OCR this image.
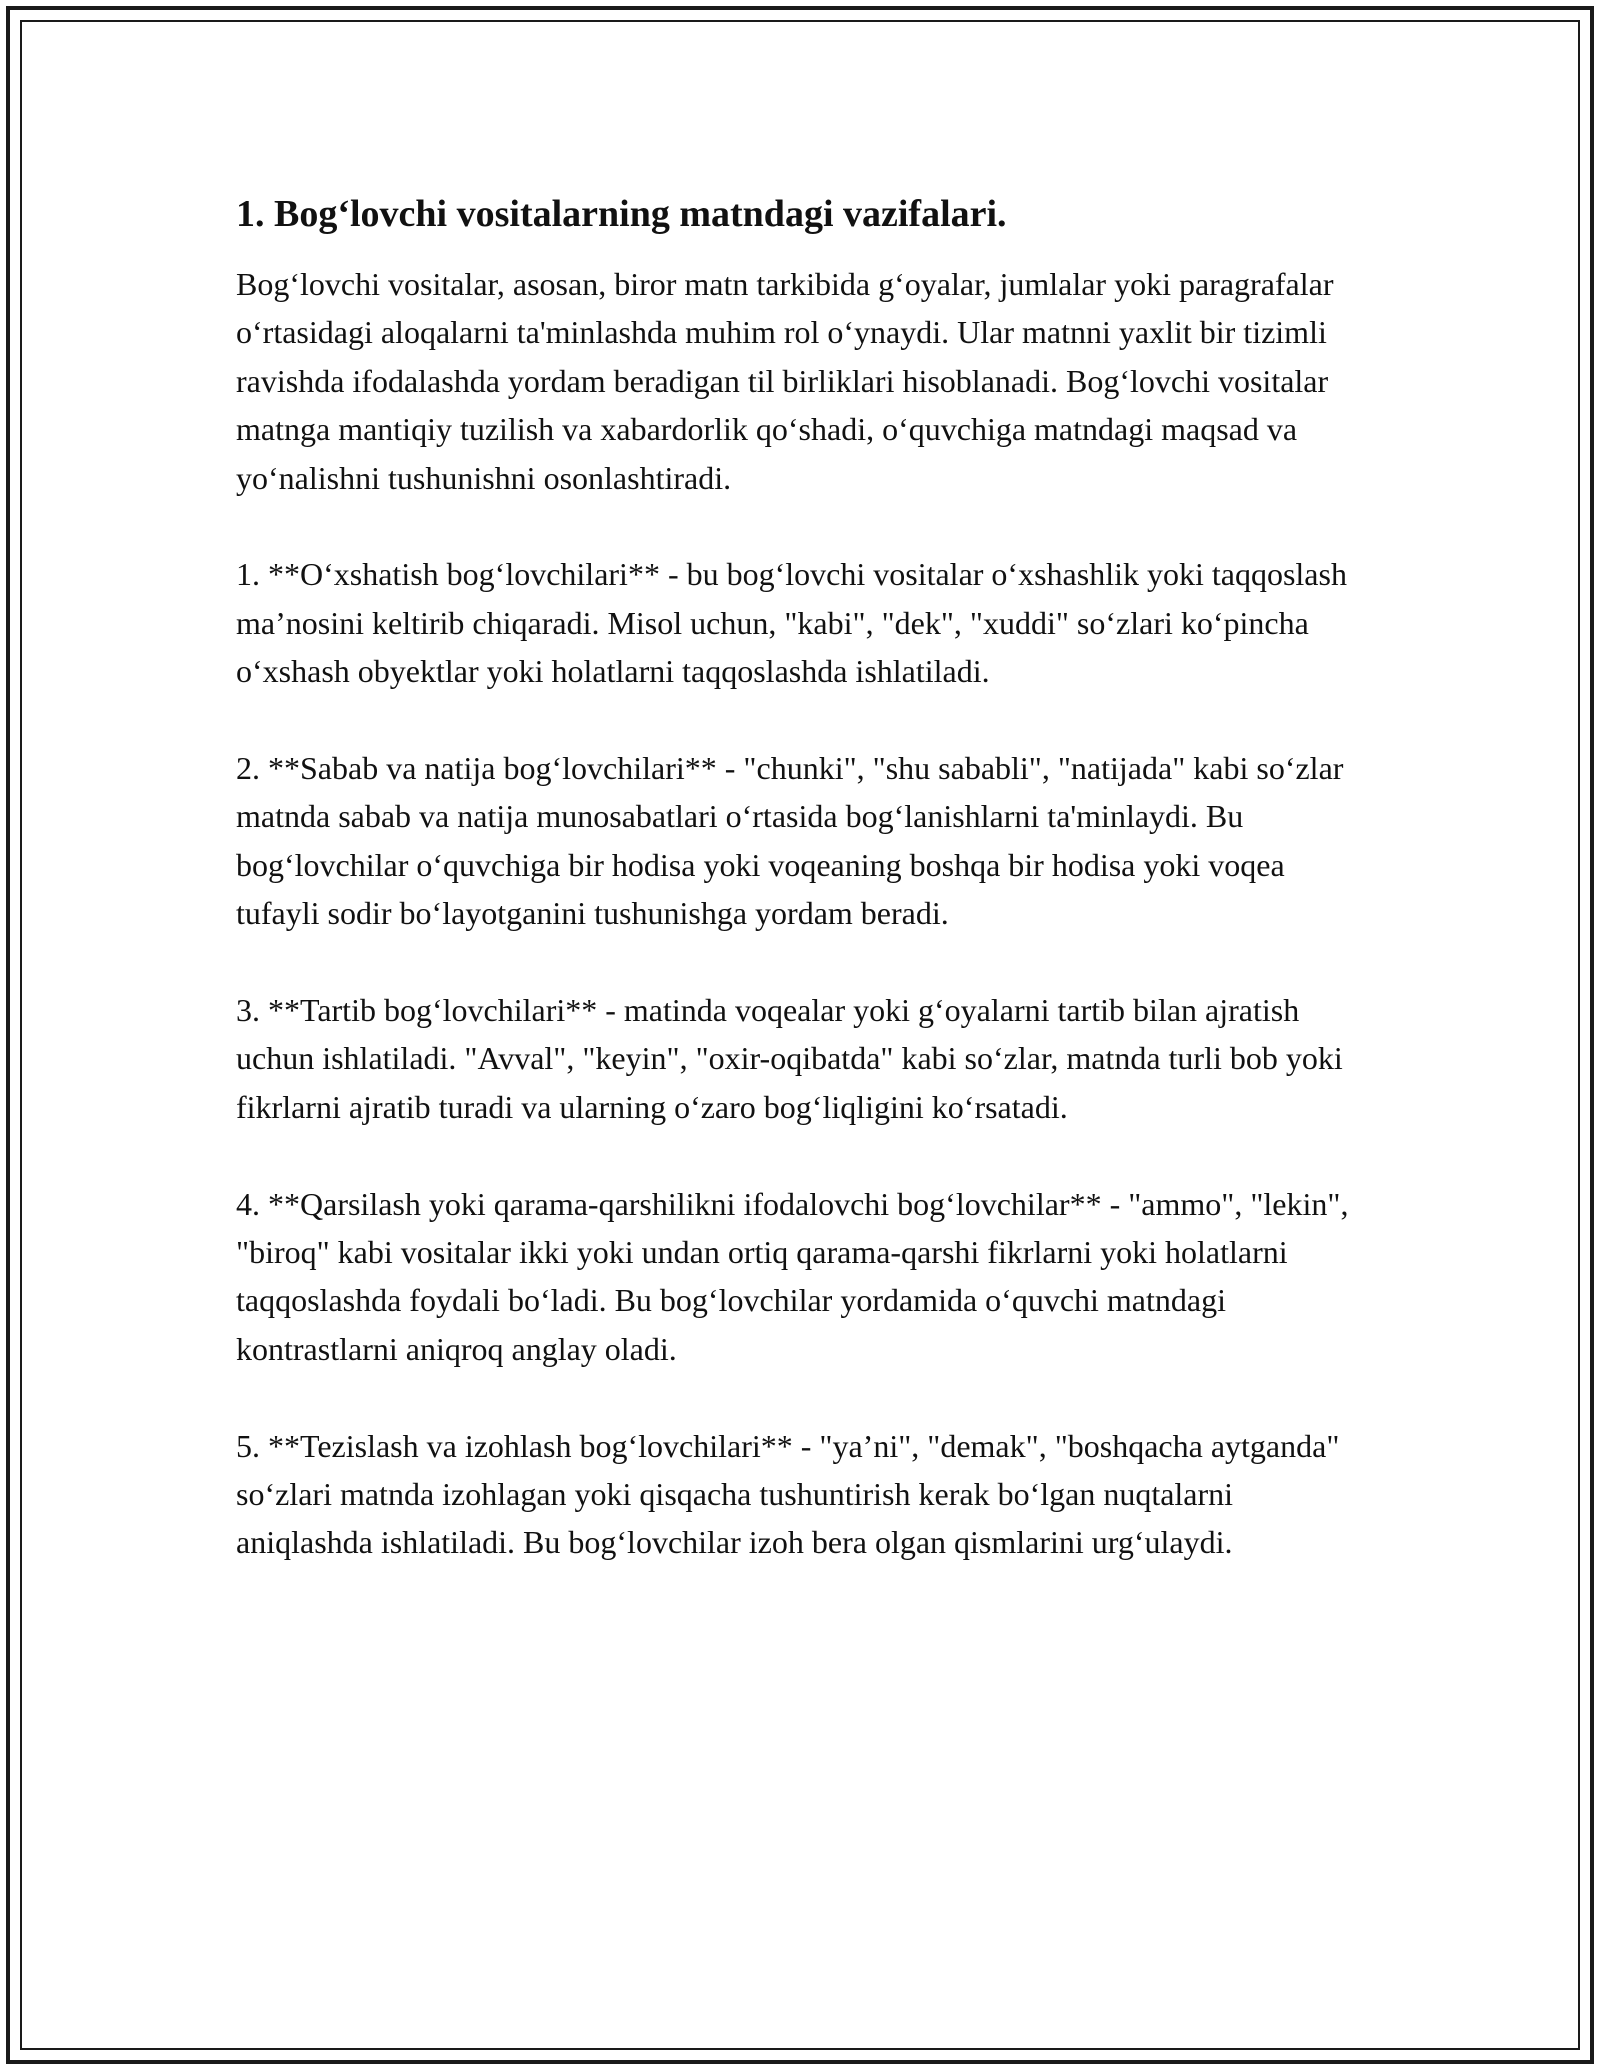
1. Bog‘lovchi vositalarning matndagi vazifalari.

Bog‘lovchi vositalar, asosan, biror matn tarkibida g‘oyalar, jumlalar yoki paragrafalar o‘rtasidagi aloqalarni ta'minlashda muhim rol o‘ynaydi. Ular matnni yaxlit bir tizimli ravishda ifodalashda yordam beradigan til birliklari hisoblanadi. Bog‘lovchi vositalar matnga mantiqiy tuzilish va xabardorlik qo‘shadi, o‘quvchiga matndagi maqsad va yo‘nalishni tushunishni osonlashtiradi.

1. **O‘xshatish bog‘lovchilari** - bu bog‘lovchi vositalar o‘xshashlik yoki taqqoslash ma’nosini keltirib chiqaradi. Misol uchun, "kabi", "dek", "xuddi" so‘zlari ko‘pincha o‘xshash obyektlar yoki holatlarni taqqoslashda ishlatiladi.

2. **Sabab va natija bog‘lovchilari** - "chunki", "shu sababli", "natijada" kabi so‘zlar matnda sabab va natija munosabatlari o‘rtasida bog‘lanishlarni ta'minlaydi. Bu bog‘lovchilar o‘quvchiga bir hodisa yoki voqeaning boshqa bir hodisa yoki voqea tufayli sodir bo‘layotganini tushunishga yordam beradi.

3. **Tartib bog‘lovchilari** - matinda voqealar yoki g‘oyalarni tartib bilan ajratish uchun ishlatiladi. "Avval", "keyin", "oxir-oqibatda" kabi so‘zlar, matnda turli bob yoki fikrlarni ajratib turadi va ularning o‘zaro bog‘liqligini ko‘rsatadi.

4. **Qarsilash yoki qarama-qarshilikni ifodalovchi bog‘lovchilar** - "ammo", "lekin", "biroq" kabi vositalar ikki yoki undan ortiq qarama-qarshi fikrlarni yoki holatlarni taqqoslashda foydali bo‘ladi. Bu bog‘lovchilar yordamida o‘quvchi matndagi kontrastlarni aniqroq anglay oladi.

5. **Tezislash va izohlash bog‘lovchilari** - "ya’ni", "demak", "boshqacha aytganda" so‘zlari matnda izohlagan yoki qisqacha tushuntirish kerak bo‘lgan nuqtalarni aniqlashda ishlatiladi. Bu bog‘lovchilar izoh bera olgan qismlarini urg‘ulaydi.
